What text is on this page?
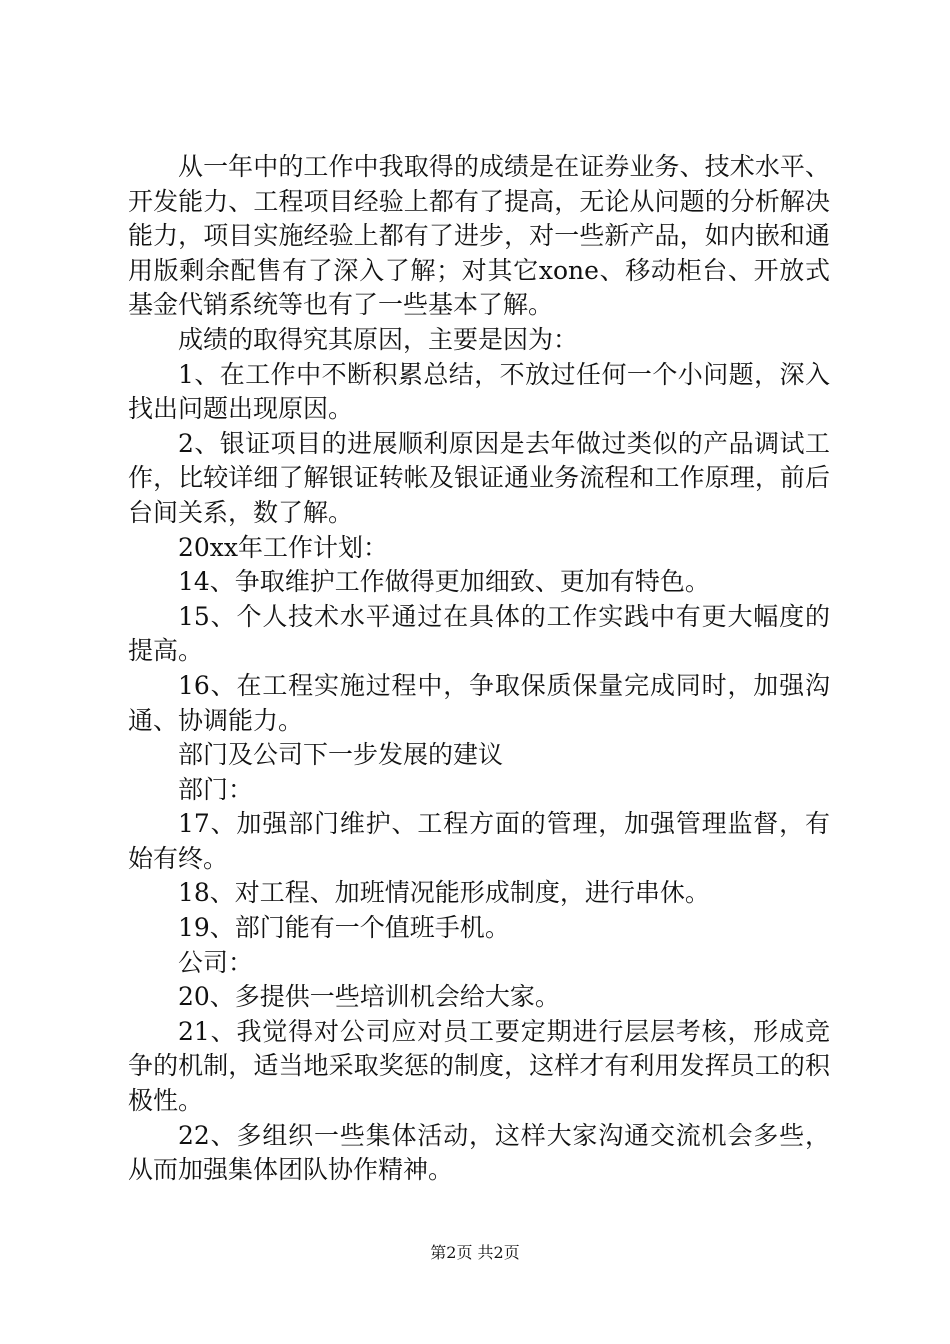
从一年中的工作中我取得的成绩是在证券业务、技术水平、开发能力、工程项目经验上都有了提高，无论从问题的分析解决能力，项目实施经验上都有了进步，对一些新产品，如内嵌和通用版剩余配售有了深入了解；对其它xone、移动柜台、开放式基金代销系统等也有了一些基本了解。

成绩的取得究其原因，主要是因为：

1、在工作中不断积累总结，不放过任何一个小问题，深入找出问题出现原因。

2、银证项目的进展顺利原因是去年做过类似的产品调试工作，比较详细了解银证转帐及银证通业务流程和工作原理，前后台间关系，数了解。

20xx年工作计划：

14、争取维护工作做得更加细致、更加有特色。

15、个人技术水平通过在具体的工作实践中有更大幅度的提高。

16、在工程实施过程中，争取保质保量完成同时，加强沟通、协调能力。

部门及公司下一步发展的建议

部门：

17、加强部门维护、工程方面的管理，加强管理监督，有始有终。

18、对工程、加班情况能形成制度，进行串休。

19、部门能有一个值班手机。

公司：

20、多提供一些培训机会给大家。

21、我觉得对公司应对员工要定期进行层层考核，形成竞争的机制，适当地采取奖惩的制度，这样才有利用发挥员工的积极性。

22、多组织一些集体活动，这样大家沟通交流机会多些，从而加强集体团队协作精神。

第2页 共2页
